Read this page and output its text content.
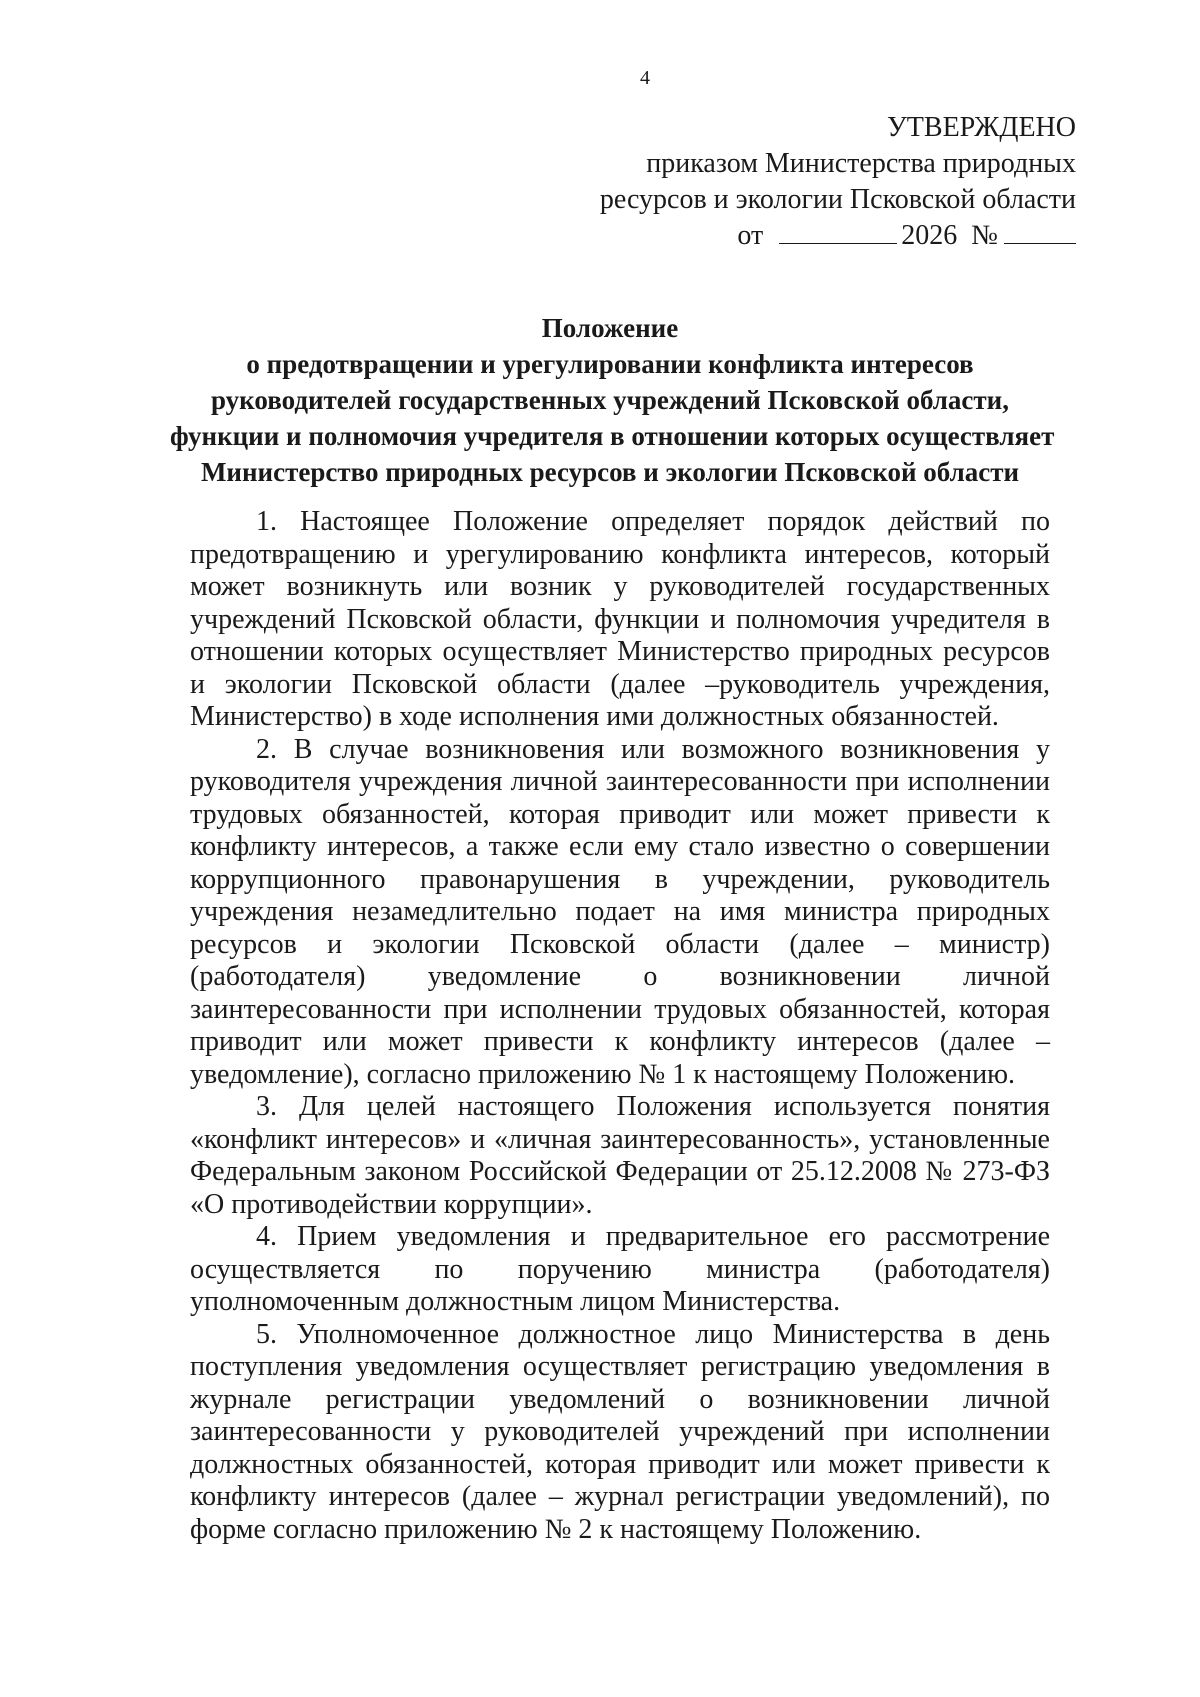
4
УТВЕРЖДЕНО
приказом Министерства природных
ресурсов и экологии Псковской области
от	2026 №
Положение
о предотвращении и урегулировании конфликта интересов
руководителей государственных учреждений Псковской области,
функции и полномочия учредителя в отношении которых осуществляет
Министерство природных ресурсов и экологии Псковской области

1. Настоящее Положение определяет порядок действий по предотвращению и урегулированию конфликта интересов, который может возникнуть или возник у руководителей государственных учреждений Псковской области, функции и полномочия учредителя в отношении которых осуществляет Министерство природных ресурсов и экологии Псковской области (далее –руководитель учреждения, Министерство) в ходе исполнения ими должностных обязанностей.

2. В случае возникновения или возможного возникновения у руководителя учреждения личной заинтересованности при исполнении трудовых обязанностей, которая приводит или может привести к конфликту интересов, а также если ему стало известно о совершении коррупционного правонарушения в учреждении, руководитель учреждения незамедлительно подает на имя министра природных ресурсов и экологии Псковской области (далее – министр) (работодателя) уведомление о возникновении личной заинтересованности при исполнении трудовых обязанностей, которая приводит или может привести к конфликту интересов (далее – уведомление), согласно приложению № 1 к настоящему Положению.

3. Для целей настоящего Положения используется понятия «конфликт интересов» и «личная заинтересованность», установленные Федеральным законом Российской Федерации от 25.12.2008 № 273-ФЗ «О противодействии коррупции».

4. Прием уведомления и предварительное его рассмотрение осуществляется по поручению министра (работодателя) уполномоченным должностным лицом Министерства.

5. Уполномоченное должностное лицо Министерства в день поступления уведомления осуществляет регистрацию уведомления в журнале регистрации уведомлений о возникновении личной заинтересованности у руководителей учреждений при исполнении должностных обязанностей, которая приводит или может привести к конфликту интересов (далее – журнал регистрации уведомлений), по форме согласно приложению № 2 к настоящему Положению.
